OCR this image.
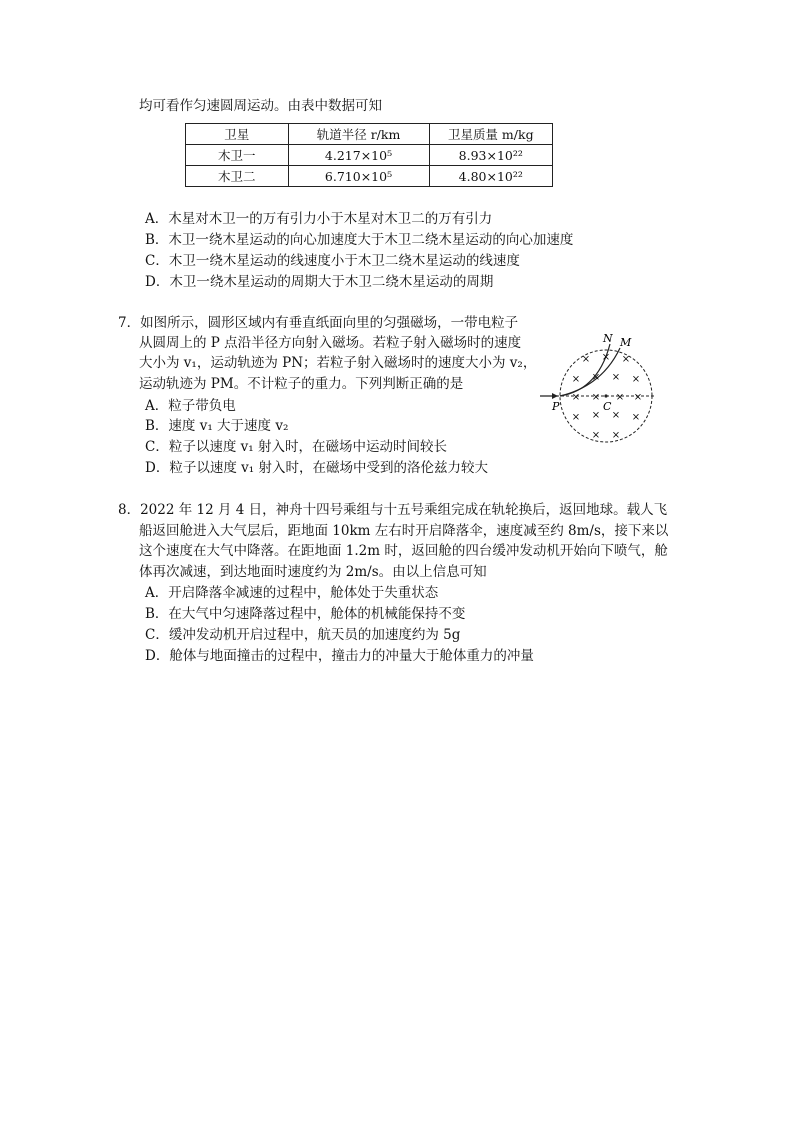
均可看作匀速圆周运动。由表中数据可知
卫星	轨道半径 r/km	卫星质量 m/kg
木卫一	4.217×10⁵	8.93×10²²
木卫二	6.710×10⁵	4.80×10²²
A．木星对木卫一的万有引力小于木星对木卫二的万有引力
B．木卫一绕木星运动的向心加速度大于木卫二绕木星运动的向心加速度
C．木卫一绕木星运动的线速度小于木卫二绕木星运动的线速度
D．木卫一绕木星运动的周期大于木卫二绕木星运动的周期
7．如图所示，圆形区域内有垂直纸面向里的匀强磁场，一带电粒子
从圆周上的 P 点沿半径方向射入磁场。若粒子射入磁场时的速度
大小为 v₁，运动轨迹为 PN；若粒子射入磁场时的速度大小为 v₂，
运动轨迹为 PM。不计粒子的重力。下列判断正确的是
A．粒子带负电
B．速度 v₁ 大于速度 v₂
C．粒子以速度 v₁ 射入时，在磁场中运动时间较长
D．粒子以速度 v₁ 射入时，在磁场中受到的洛伦兹力较大
× × ×
× × × ×
× × × ×
× × × ×
× ×
N M
P	C
8．2022 年 12 月 4 日，神舟十四号乘组与十五号乘组完成在轨轮换后，返回地球。载人飞
船返回舱进入大气层后，距地面 10km 左右时开启降落伞，速度减至约 8m/s，接下来以
这个速度在大气中降落。在距地面 1.2m 时，返回舱的四台缓冲发动机开始向下喷气，舱
体再次减速，到达地面时速度约为 2m/s。由以上信息可知
A．开启降落伞减速的过程中，舱体处于失重状态
B．在大气中匀速降落过程中，舱体的机械能保持不变
C．缓冲发动机开启过程中，航天员的加速度约为 5g
D．舱体与地面撞击的过程中，撞击力的冲量大于舱体重力的冲量
